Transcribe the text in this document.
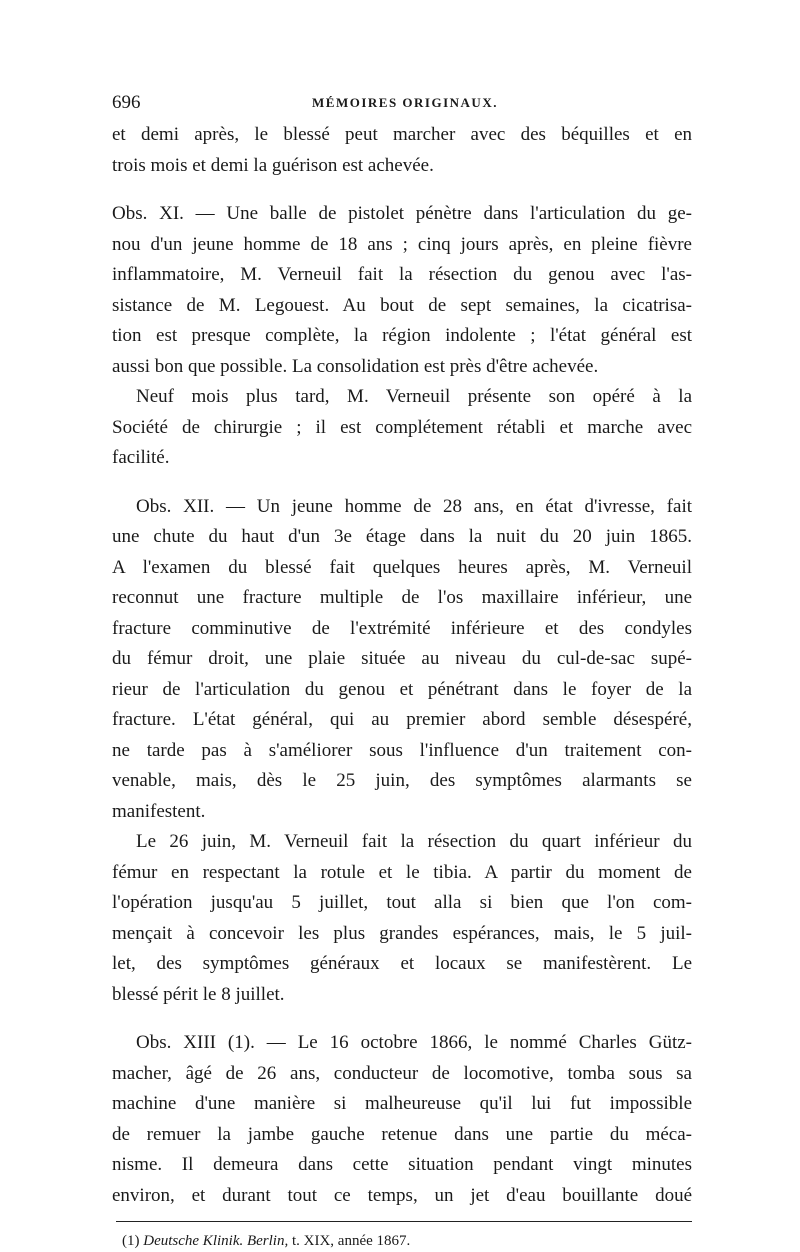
696	MÉMOIRES ORIGINAUX.
et demi après, le blessé peut marcher avec des béquilles et en
trois mois et demi la guérison est achevée.
Obs. XI. — Une balle de pistolet pénètre dans l'articulation du ge-
nou d'un jeune homme de 18 ans ; cinq jours après, en pleine fièvre
inflammatoire, M. Verneuil fait la résection du genou avec l'as-
sistance de M. Legouest. Au bout de sept semaines, la cicatrisa-
tion est presque complète, la région indolente ; l'état général est
aussi bon que possible. La consolidation est près d'être achevée.
Neuf mois plus tard, M. Verneuil présente son opéré à la
Société de chirurgie ; il est complétement rétabli et marche avec
facilité.
Obs. XII. — Un jeune homme de 28 ans, en état d'ivresse, fait
une chute du haut d'un 3e étage dans la nuit du 20 juin 1865.
A l'examen du blessé fait quelques heures après, M. Verneuil
reconnut une fracture multiple de l'os maxillaire inférieur, une
fracture comminutive de l'extrémité inférieure et des condyles
du fémur droit, une plaie située au niveau du cul-de-sac supé-
rieur de l'articulation du genou et pénétrant dans le foyer de la
fracture. L'état général, qui au premier abord semble désespéré,
ne tarde pas à s'améliorer sous l'influence d'un traitement con-
venable, mais, dès le 25 juin, des symptômes alarmants se
manifestent.
Le 26 juin, M. Verneuil fait la résection du quart inférieur du
fémur en respectant la rotule et le tibia. A partir du moment de
l'opération jusqu'au 5 juillet, tout alla si bien que l'on com-
mençait à concevoir les plus grandes espérances, mais, le 5 juil-
let, des symptômes généraux et locaux se manifestèrent. Le
blessé périt le 8 juillet.
Obs. XIII (1). — Le 16 octobre 1866, le nommé Charles Gütz-
macher, âgé de 26 ans, conducteur de locomotive, tomba sous sa
machine d'une manière si malheureuse qu'il lui fut impossible
de remuer la jambe gauche retenue dans une partie du méca-
nisme. Il demeura dans cette situation pendant vingt minutes
environ, et durant tout ce temps, un jet d'eau bouillante doué
(1) Deutsche Klinik. Berlin, t. XIX, année 1867.
